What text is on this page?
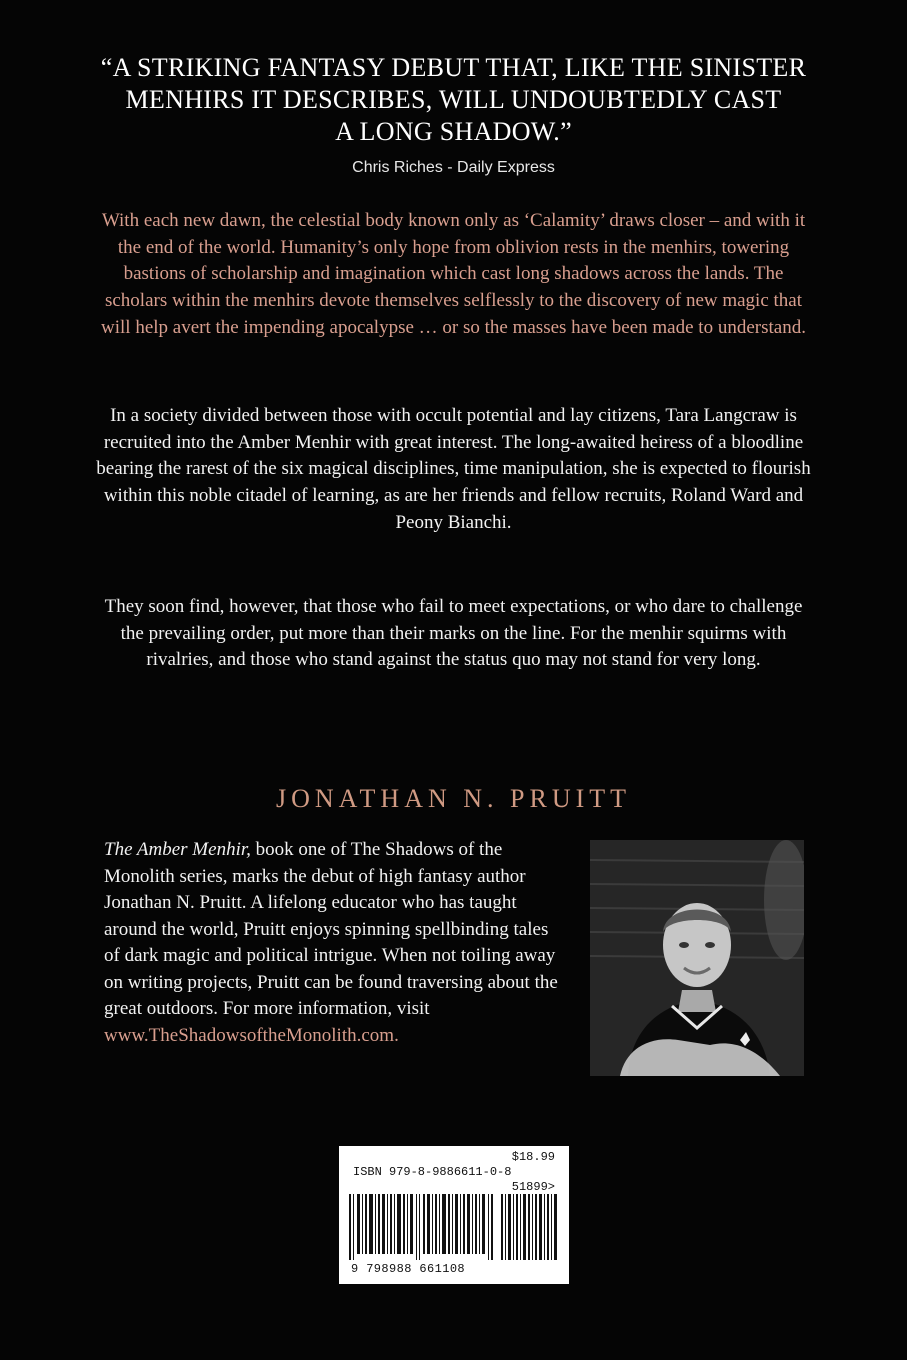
“A STRIKING FANTASY DEBUT THAT, LIKE THE SINISTER
MENHIRS IT DESCRIBES, WILL UNDOUBTEDLY CAST
A LONG SHADOW.”
Chris Riches - Daily Express

With each new dawn, the celestial body known only as ‘Calamity’ draws closer – and with it the end of the world. Humanity’s only hope from oblivion rests in the menhirs, towering bastions of scholarship and imagination which cast long shadows across the lands. The scholars within the menhirs devote themselves selflessly to the discovery of new magic that will help avert the impending apocalypse … or so the masses have been made to understand.

In a society divided between those with occult potential and lay citizens, Tara Langcraw is recruited into the Amber Menhir with great interest. The long-awaited heiress of a bloodline bearing the rarest of the six magical disciplines, time manipulation, she is expected to flourish within this noble citadel of learning, as are her friends and fellow recruits, Roland Ward and Peony Bianchi.

They soon find, however, that those who fail to meet expectations, or who dare to challenge the prevailing order, put more than their marks on the line. For the menhir squirms with rivalries, and those who stand against the status quo may not stand for very long.

JONATHAN N. PRUITT

The Amber Menhir, book one of The Shadows of the Monolith series, marks the debut of high fantasy author Jonathan N. Pruitt. A lifelong educator who has taught around the world, Pruitt enjoys spinning spellbinding tales of dark magic and political intrigue. When not toiling away on writing projects, Pruitt can be found traversing about the great outdoors. For more information, visit www.TheShadowsoftheMonolith.com.

$18.99
ISBN 979-8-9886611-0-8
51899>
9 798988 661108
